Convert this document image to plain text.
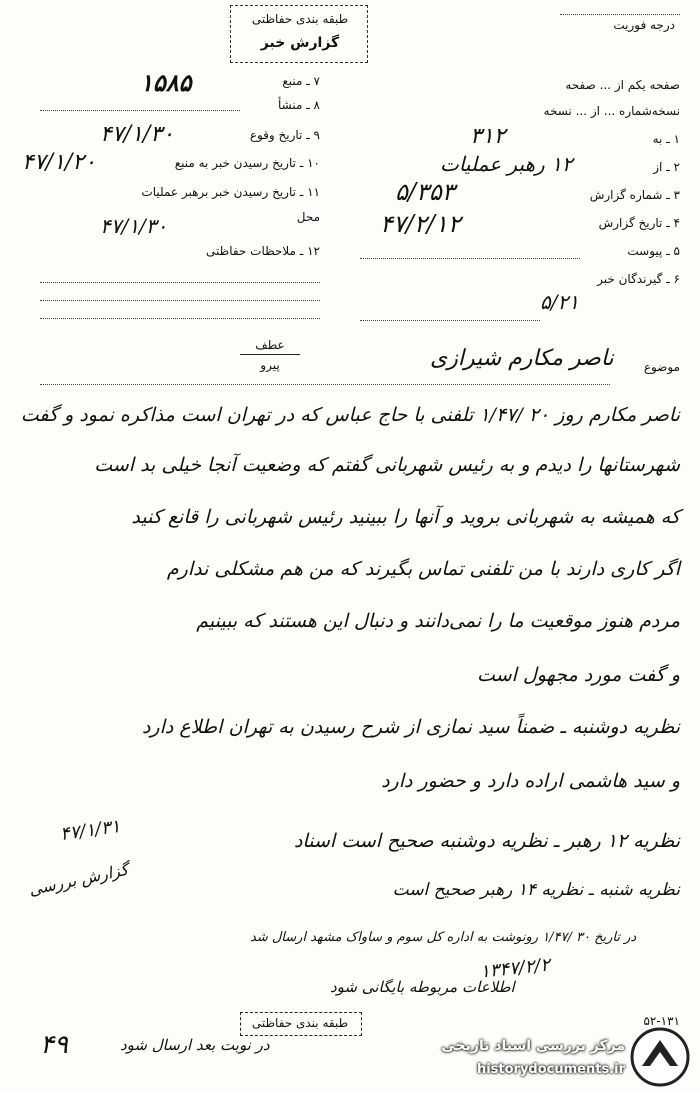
طبقه بندی حفاظتی
گزارش خبر
درجه فوریت
۱۵۸۵	۷ ـ منبع
۸ ـ منشأ
۴۷/۱/۳۰	۹ ـ تاریخ وقوع
۴۷/۱/۲۰	۱۰ ـ تاریخ رسیدن خبر به منبع
۱۱ ـ تاریخ رسیدن خبر برهبر عملیات
محل
۴۷/۱/۳۰
۱۲ ـ ملاحظات حفاظتی
صفحه یکم از ... صفحه
نسخه‌شماره ... از ... نسخه
۱ ـ به
۳۱۲
۲ ـ از
۱۲ رهبر عملیات
۳ ـ شماره گزارش
۵/۳۵۳
۴ ـ تاریخ گزارش
۴۷/۲/۱۲
۵ ـ پیوست
۶ ـ گیرندگان خبر
۵/۲۱
عطف
پیرو	موضوع
ناصر مکارم شیرازی
ناصر مکارم روز ۲۰ /۱/۴۷ تلفنی با حاج عباس که در تهران است مذاکره نمود و گفت
شهرستانها را دیدم و به رئیس شهربانی گفتم که وضعیت آنجا خیلی بد است
که همیشه به شهربانی بروید و آنها را ببینید رئیس شهربانی را قانع کنید
اگر کاری دارند با من تلفنی تماس بگیرند که من هم مشکلی ندارم
مردم هنوز موقعیت ما را نمی‌دانند و دنبال این هستند که ببینیم
و گفت مورد مجهول است
نظریه دوشنبه ـ ضمناً سید نمازی از شرح رسیدن به تهران اطلاع دارد
و سید هاشمی اراده دارد و حضور دارد
نظریه ۱۲ رهبر ـ نظریه دوشنبه صحیح است اسناد
نظریه شنبه ـ نظریه ۱۴ رهبر صحیح است
۴۷/۱/۳۱
گزارش بررسی
در تاریخ ۳۰ /۱/۴۷ رونوشت به اداره کل سوم و ساواک مشهد ارسال شد
۱۳۴۷/۲/۲
اطلاعات مربوطه بایگانی شود
طبقه بندی حفاظتی	۵۲-۱۳۱
۴۹	در نوبت بعد ارسال شود	مرکز بررسی اسناد تاریخی
historydocuments.ir
